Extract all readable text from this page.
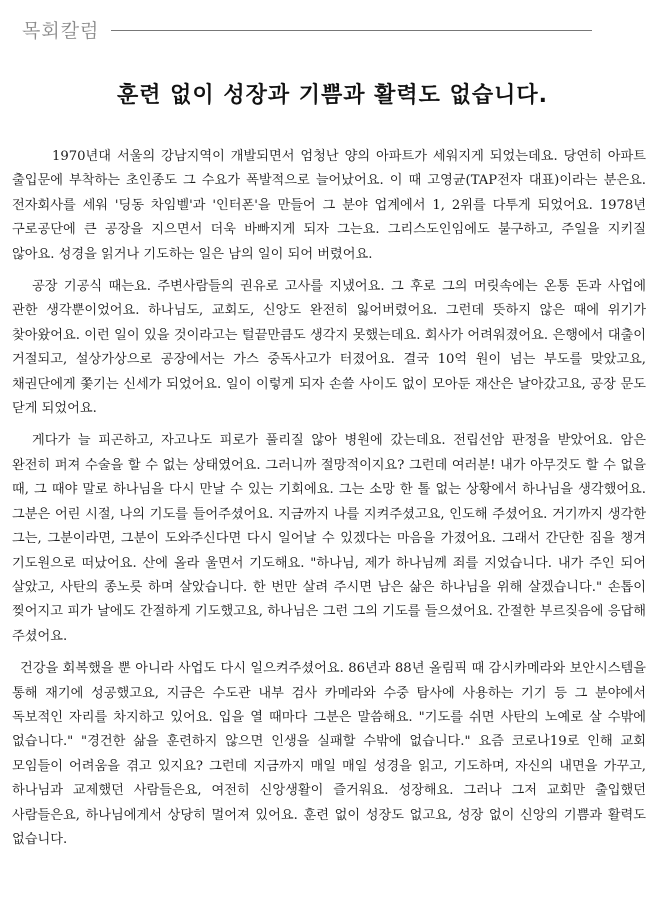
목회칼럼
훈련 없이 성장과 기쁨과 활력도 없습니다.

1970년대 서울의 강남지역이 개발되면서 엄청난 양의 아파트가 세워지게 되었는데요. 당연히 아파트 출입문에 부착하는 초인종도 그 수요가 폭발적으로 늘어났어요. 이 때 고영균(TAP전자 대표)이라는 분은요. 전자회사를 세워 '딩동 차임벨'과 '인터폰'을 만들어 그 분야 업계에서 1, 2위를 다투게 되었어요. 1978년 구로공단에 큰 공장을 지으면서 더욱 바빠지게 되자 그는요. 그리스도인임에도 불구하고, 주일을 지키질 않아요. 성경을 읽거나 기도하는 일은 남의 일이 되어 버렸어요.

공장 기공식 때는요. 주변사람들의 권유로 고사를 지냈어요. 그 후로 그의 머릿속에는 온통 돈과 사업에 관한 생각뿐이었어요. 하나님도, 교회도, 신앙도 완전히 잃어버렸어요. 그런데 뜻하지 않은 때에 위기가 찾아왔어요. 이런 일이 있을 것이라고는 털끝만큼도 생각지 못했는데요. 회사가 어려워졌어요. 은행에서 대출이 거절되고, 설상가상으로 공장에서는 가스 중독사고가 터졌어요. 결국 10억 원이 넘는 부도를 맞았고요, 채권단에게 쫓기는 신세가 되었어요. 일이 이렇게 되자 손쓸 사이도 없이 모아둔 재산은 날아갔고요, 공장 문도 닫게 되었어요.

게다가 늘 피곤하고, 자고나도 피로가 풀리질 않아 병원에 갔는데요. 전립선암 판정을 받았어요. 암은 완전히 퍼져 수술을 할 수 없는 상태였어요. 그러니까 절망적이지요? 그런데 여러분! 내가 아무것도 할 수 없을 때, 그 때야 말로 하나님을 다시 만날 수 있는 기회에요. 그는 소망 한 톨 없는 상황에서 하나님을 생각했어요. 그분은 어린 시절, 나의 기도를 들어주셨어요. 지금까지 나를 지켜주셨고요, 인도해 주셨어요. 거기까지 생각한 그는, 그분이라면, 그분이 도와주신다면 다시 일어날 수 있겠다는 마음을 가졌어요. 그래서 간단한 짐을 챙겨 기도원으로 떠났어요. 산에 올라 울면서 기도해요. "하나님, 제가 하나님께 죄를 지었습니다. 내가 주인 되어 살았고, 사탄의 종노릇 하며 살았습니다. 한 번만 살려 주시면 남은 삶은 하나님을 위해 살겠습니다." 손톱이 찢어지고 피가 날에도 간절하게 기도했고요, 하나님은 그런 그의 기도를 들으셨어요. 간절한 부르짖음에 응답해 주셨어요.

건강을 회복했을 뿐 아니라 사업도 다시 일으켜주셨어요. 86년과 88년 올림픽 때 감시카메라와 보안시스템을 통해 재기에 성공했고요, 지금은 수도관 내부 검사 카메라와 수중 탐사에 사용하는 기기 등 그 분야에서 독보적인 자리를 차지하고 있어요. 입을 열 때마다 그분은 말씀해요. "기도를 쉬면 사탄의 노예로 살 수밖에 없습니다." "경건한 삶을 훈련하지 않으면 인생을 실패할 수밖에 없습니다." 요즘 코로나19로 인해 교회 모임들이 어려움을 겪고 있지요? 그런데 지금까지 매일 매일 성경을 읽고, 기도하며, 자신의 내면을 가꾸고, 하나님과 교제했던 사람들은요, 여전히 신앙생활이 즐거워요. 성장해요. 그러나 그저 교회만 출입했던 사람들은요, 하나님에게서 상당히 멀어져 있어요. 훈련 없이 성장도 없고요, 성장 없이 신앙의 기쁨과 활력도 없습니다.
